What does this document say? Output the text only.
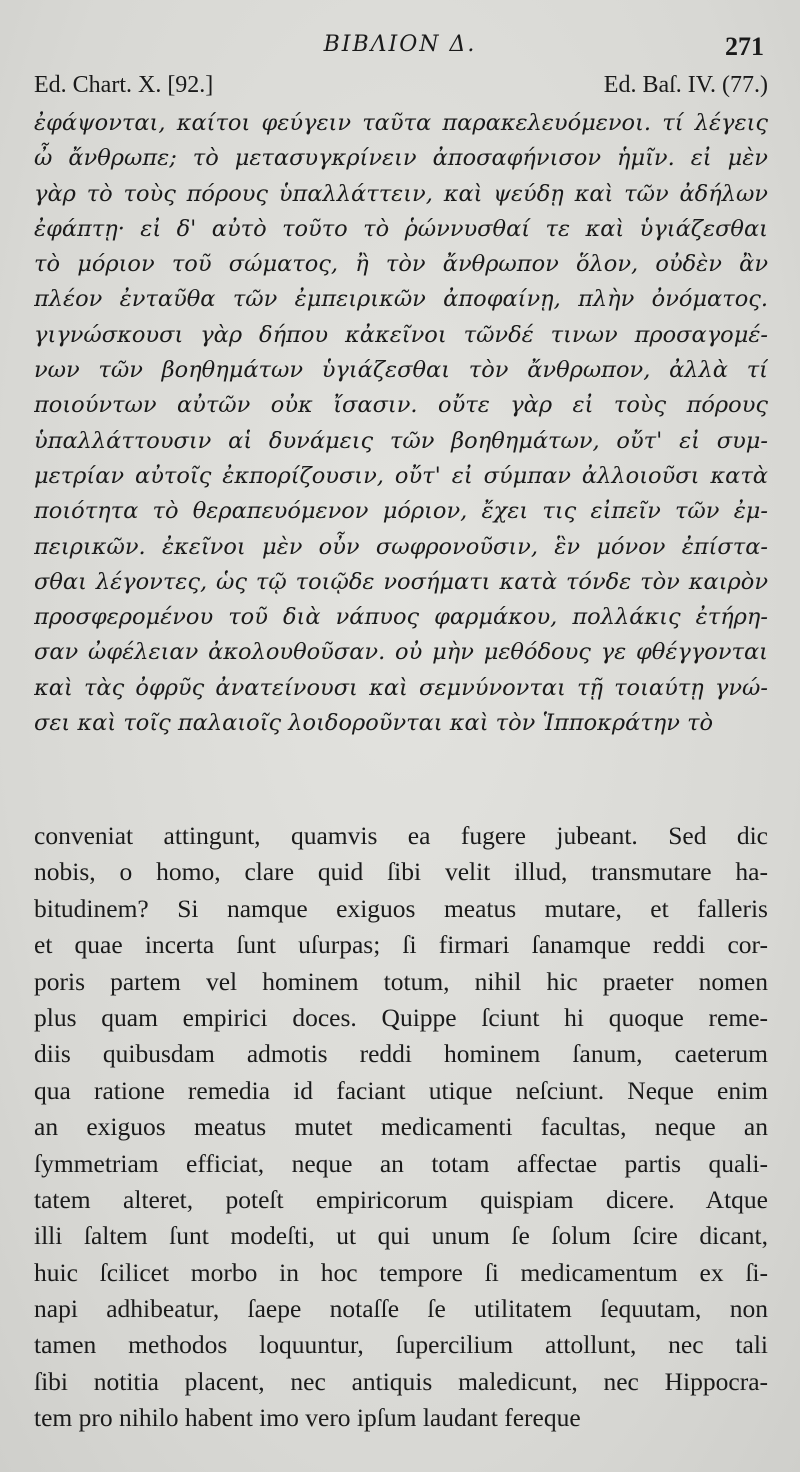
BIBΛΙΟΝ Δ.	271
Ed. Chart. X. [92.]	Ed. Baſ. IV. (77.)
ἐφάψονται, καίτοι φεύγειν ταῦτα παρακελευόμενοι. τί λέγεις
ὦ ἄνθρωπε; τὸ μετασυγκρίνειν ἀποσαφήνισον ἡμῖν. εἰ μὲν
γὰρ τὸ τοὺς πόρους ὑπαλλάττειν, καὶ ψεύδῃ καὶ τῶν ἀδήλων
ἐφάπτῃ· εἰ δ' αὐτὸ τοῦτο τὸ ῥώννυσθαί τε καὶ ὑγιάζεσθαι
τὸ μόριον τοῦ σώματος, ἢ τὸν ἄνθρωπον ὅλον, οὐδὲν ἂν
πλέον ἐνταῦθα τῶν ἐμπειρικῶν ἀποφαίνῃ, πλὴν ὀνόματος.
γιγνώσκουσι γὰρ δήπου κἀκεῖνοι τῶνδέ τινων προσαγομέ-
νων τῶν βοηθημάτων ὑγιάζεσθαι τὸν ἄνθρωπον, ἀλλὰ τί
ποιούντων αὐτῶν οὐκ ἴσασιν. οὔτε γὰρ εἰ τοὺς πόρους
ὑπαλλάττουσιν αἱ δυνάμεις τῶν βοηθημάτων, οὔτ' εἰ συμ-
μετρίαν αὐτοῖς ἐκπορίζουσιν, οὔτ' εἰ σύμπαν ἀλλοιοῦσι κατὰ
ποιότητα τὸ θεραπευόμενον μόριον, ἔχει τις εἰπεῖν τῶν ἐμ-
πειρικῶν. ἐκεῖνοι μὲν οὖν σωφρονοῦσιν, ἓν μόνον ἐπίστα-
σθαι λέγοντες, ὡς τῷ τοιῷδε νοσήματι κατὰ τόνδε τὸν καιρὸν
προσφερομένου τοῦ διὰ νάπυος φαρμάκου, πολλάκις ἐτήρη-
σαν ὠφέλειαν ἀκολουθοῦσαν. οὐ μὴν μεθόδους γε φθέγγονται
καὶ τὰς ὀφρῦς ἀνατείνουσι καὶ σεμνύνονται τῇ τοιαύτῃ γνώ-
σει καὶ τοῖς παλαιοῖς λοιδοροῦνται καὶ τὸν Ἱπποκράτην τὸ
conveniat attingunt, quamvis ea fugere jubeant. Sed dic
nobis, o homo, clare quid ſibi velit illud, transmutare ha-
bitudinem? Si namque exiguos meatus mutare, et falleris
et quae incerta ſunt uſurpas; ſi firmari ſanamque reddi cor-
poris partem vel hominem totum, nihil hic praeter nomen
plus quam empirici doces. Quippe ſciunt hi quoque reme-
diis quibusdam admotis reddi hominem ſanum, caeterum
qua ratione remedia id faciant utique neſciunt. Neque enim
an exiguos meatus mutet medicamenti facultas, neque an
ſymmetriam efficiat, neque an totam affectae partis quali-
tatem alteret, poteſt empiricorum quispiam dicere. Atque
illi ſaltem ſunt modeſti, ut qui unum ſe ſolum ſcire dicant,
huic ſcilicet morbo in hoc tempore ſi medicamentum ex ſi-
napi adhibeatur, ſaepe notaſſe ſe utilitatem ſequutam, non
tamen methodos loquuntur, ſupercilium attollunt, nec tali
ſibi notitia placent, nec antiquis maledicunt, nec Hippocra-
tem pro nihilo habent imo vero ipſum laudant fereque
